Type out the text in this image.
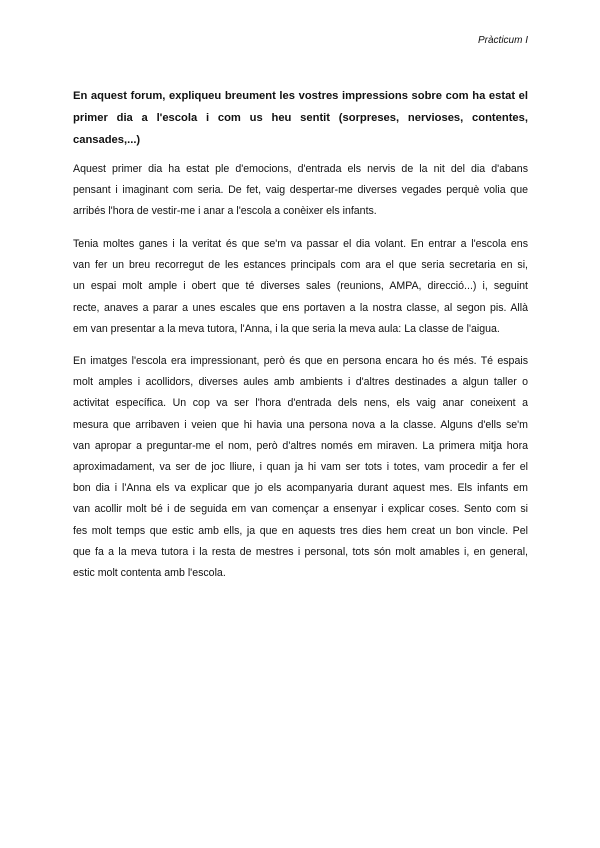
Pràcticum I
En aquest forum, expliqueu breument les vostres impressions sobre com ha estat el
primer dia a l'escola i com us heu sentit (sorpreses, nervioses, contentes,
cansades,...)
Aquest primer dia ha estat ple d'emocions, d'entrada els nervis de la nit del dia d'abans
pensant i imaginant com seria. De fet, vaig despertar-me diverses vegades perquè volia que
arribés l'hora de vestir-me i anar a l'escola a conèixer els infants.
Tenia moltes ganes i la veritat és que se'm va passar el dia volant. En entrar a l'escola ens
van fer un breu recorregut de les estances principals com ara el que seria secretaria en si,
un espai molt ample i obert que té diverses sales (reunions, AMPA, direcció...) i, seguint
recte, anaves a parar a unes escales que ens portaven a la nostra classe, al segon pis. Allà
em van presentar a la meva tutora, l'Anna, i la que seria la meva aula: La classe de l'aigua.
En imatges l'escola era impressionant, però és que en persona encara ho és més. Té espais
molt amples i acollidors, diverses aules amb ambients i d'altres destinades a algun taller o
activitat específica. Un cop va ser l'hora d'entrada dels nens, els vaig anar coneixent a
mesura que arribaven i veien que hi havia una persona nova a la classe. Alguns d'ells se'm
van apropar a preguntar-me el nom, però d'altres només em miraven. La primera mitja hora
aproximadament, va ser de joc lliure, i quan ja hi vam ser tots i totes, vam procedir a fer el
bon dia i l'Anna els va explicar que jo els acompanyaria durant aquest mes. Els infants em
van acollir molt bé i de seguida em van començar a ensenyar i explicar coses. Sento com si
fes molt temps que estic amb ells, ja que en aquests tres dies hem creat un bon vincle. Pel
que fa a la meva tutora i la resta de mestres i personal, tots són molt amables i, en general,
estic molt contenta amb l'escola.
